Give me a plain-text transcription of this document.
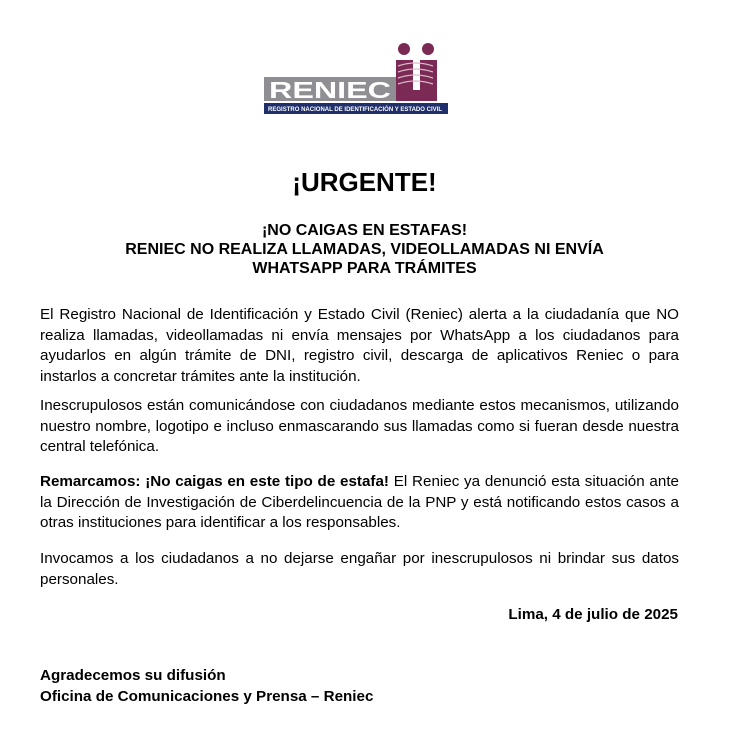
RENIEC
REGISTRO NACIONAL DE IDENTIFICACIÓN Y ESTADO CIVIL
¡URGENTE!
¡NO CAIGAS EN ESTAFAS!
RENIEC NO REALIZA LLAMADAS, VIDEOLLAMADAS NI ENVÍA
WHATSAPP PARA TRÁMITES

El Registro Nacional de Identificación y Estado Civil (Reniec) alerta a la ciudadanía que NO realiza llamadas, videollamadas ni envía mensajes por WhatsApp a los ciudadanos para ayudarlos en algún trámite de DNI, registro civil, descarga de aplicativos Reniec o para instarlos a concretar trámites ante la institución.

Inescrupulosos están comunicándose con ciudadanos mediante estos mecanismos, utilizando nuestro nombre, logotipo e incluso enmascarando sus llamadas como si fueran desde nuestra central telefónica.

Remarcamos: ¡No caigas en este tipo de estafa! El Reniec ya denunció esta situación ante la Dirección de Investigación de Ciberdelincuencia de la PNP y está notificando estos casos a otras instituciones para identificar a los responsables.

Invocamos a los ciudadanos a no dejarse engañar por inescrupulosos ni brindar sus datos personales.

Lima, 4 de julio de 2025
Agradecemos su difusión
Oficina de Comunicaciones y Prensa – Reniec
